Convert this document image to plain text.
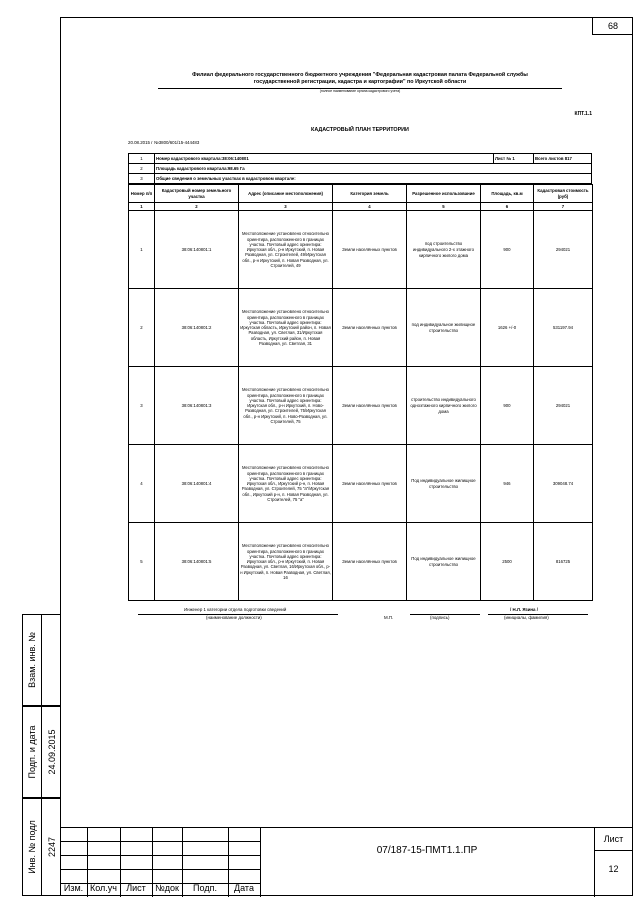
68
Взам. инв. №
Подп. и дата 24.09.2015
Инв. № подл 2247
Филиал федерального государственного бюджетного учреждения "Федеральная кадастровая палата Федеральной службы
государственной регистрации, кадастра и картографии" по Иркутской области
(полное наименование органа кадастрового учета)
КПТ.1.1
КАДАСТРОВЫЙ ПЛАН ТЕРРИТОРИИ
20.08.2015 г №3800/601/15-444483
1	Номер кадастрового квартала:38:06:140801	Лист № 1	Всего листов 817
2	Площадь кадастрового квартала:98.65 Га		
3	Общие сведения о земельных участках в кадастровом квартале:		
Номер п/п	Кадастровый номер земельного участка	Адрес (описание местоположения)	Категория земель	Разрешенное использование	Площадь, кв.м	Кадастровая стоимость (руб)
1	2	3	4	5	6	7
1	38:06:140801:1	Местоположение установлено относительно ориентира, расположенного в границах участка. Почтовый адрес ориентира: Иркутская обл., р-н Иркутский, п. Новая Разводная, ул. Строителей, 49/Иркутская обл., р-н Иркутский, п. Новая Разводная, ул. Строителей, 49	Земли населённых пунктов	под строительство индивидуального 2-х этажного кирпичного жилого дома	900	294021
2	38:06:140801:2	Местоположение установлено относительно ориентира, расположенного в границах участка. Почтовый адрес ориентира: Иркутская область, Иркутский район, п. Новая Разводная, ул. Светлая, 31/Иркутская область, Иркутский район, п. Новая Разводная, ул. Светлая, 31	Земли населённых пунктов	под индивидуальное жилищное строительство	1626 +/-0	531197.94
3	38:06:140801:3	Местоположение установлено относительно ориентира, расположенного в границах участка. Почтовый адрес ориентира: Иркутская обл., р-н Иркутский, п. Ново-Разводная, ул. Строителей, 75/Иркутская обл., р-н Иркутский, п. Ново-Разводная, ул. Строителей, 75	Земли населённых пунктов	строительство индивидуального одноэтажного кирпичного жилого дома	900	294021
4	38:06:140801:4	Местоположение установлено относительно ориентира, расположенного в границах участка. Почтовый адрес ориентира: Иркутская обл., Иркутский р-н, п. Новая Разводная, ул. Строителей, 75 "а"/Иркутская обл., Иркутский р-н, п. Новая Разводная, ул. Строителей, 75 "а"	Земли населённых пунктов	Под индивидуальное жилищное строительство	946	309048.74
5	38:06:140801:5	Местоположение установлено относительно ориентира, расположенного в границах участка. Почтовый адрес ориентира: Иркутская обл., р-н Иркутский, п. Новая Разводная, ул. Светлая, 16/Иркутская обл., р-н Иркутский, п. Новая Разводная, ул. Светлая, 16	Земли населённых пунктов	Под индивидуальное жилищное строительство	2500	816725
Инженер 1 категории отдела подготовки сведений
(наименование должности)	М.П.	(подпись)
/ Н.Л. Язина /
(инициалы, фамилия)
Изм. Кол.уч	Лист	№док	Подп.	Дата
07/187-15-ПМТ1.1.ПР
Лист
12
